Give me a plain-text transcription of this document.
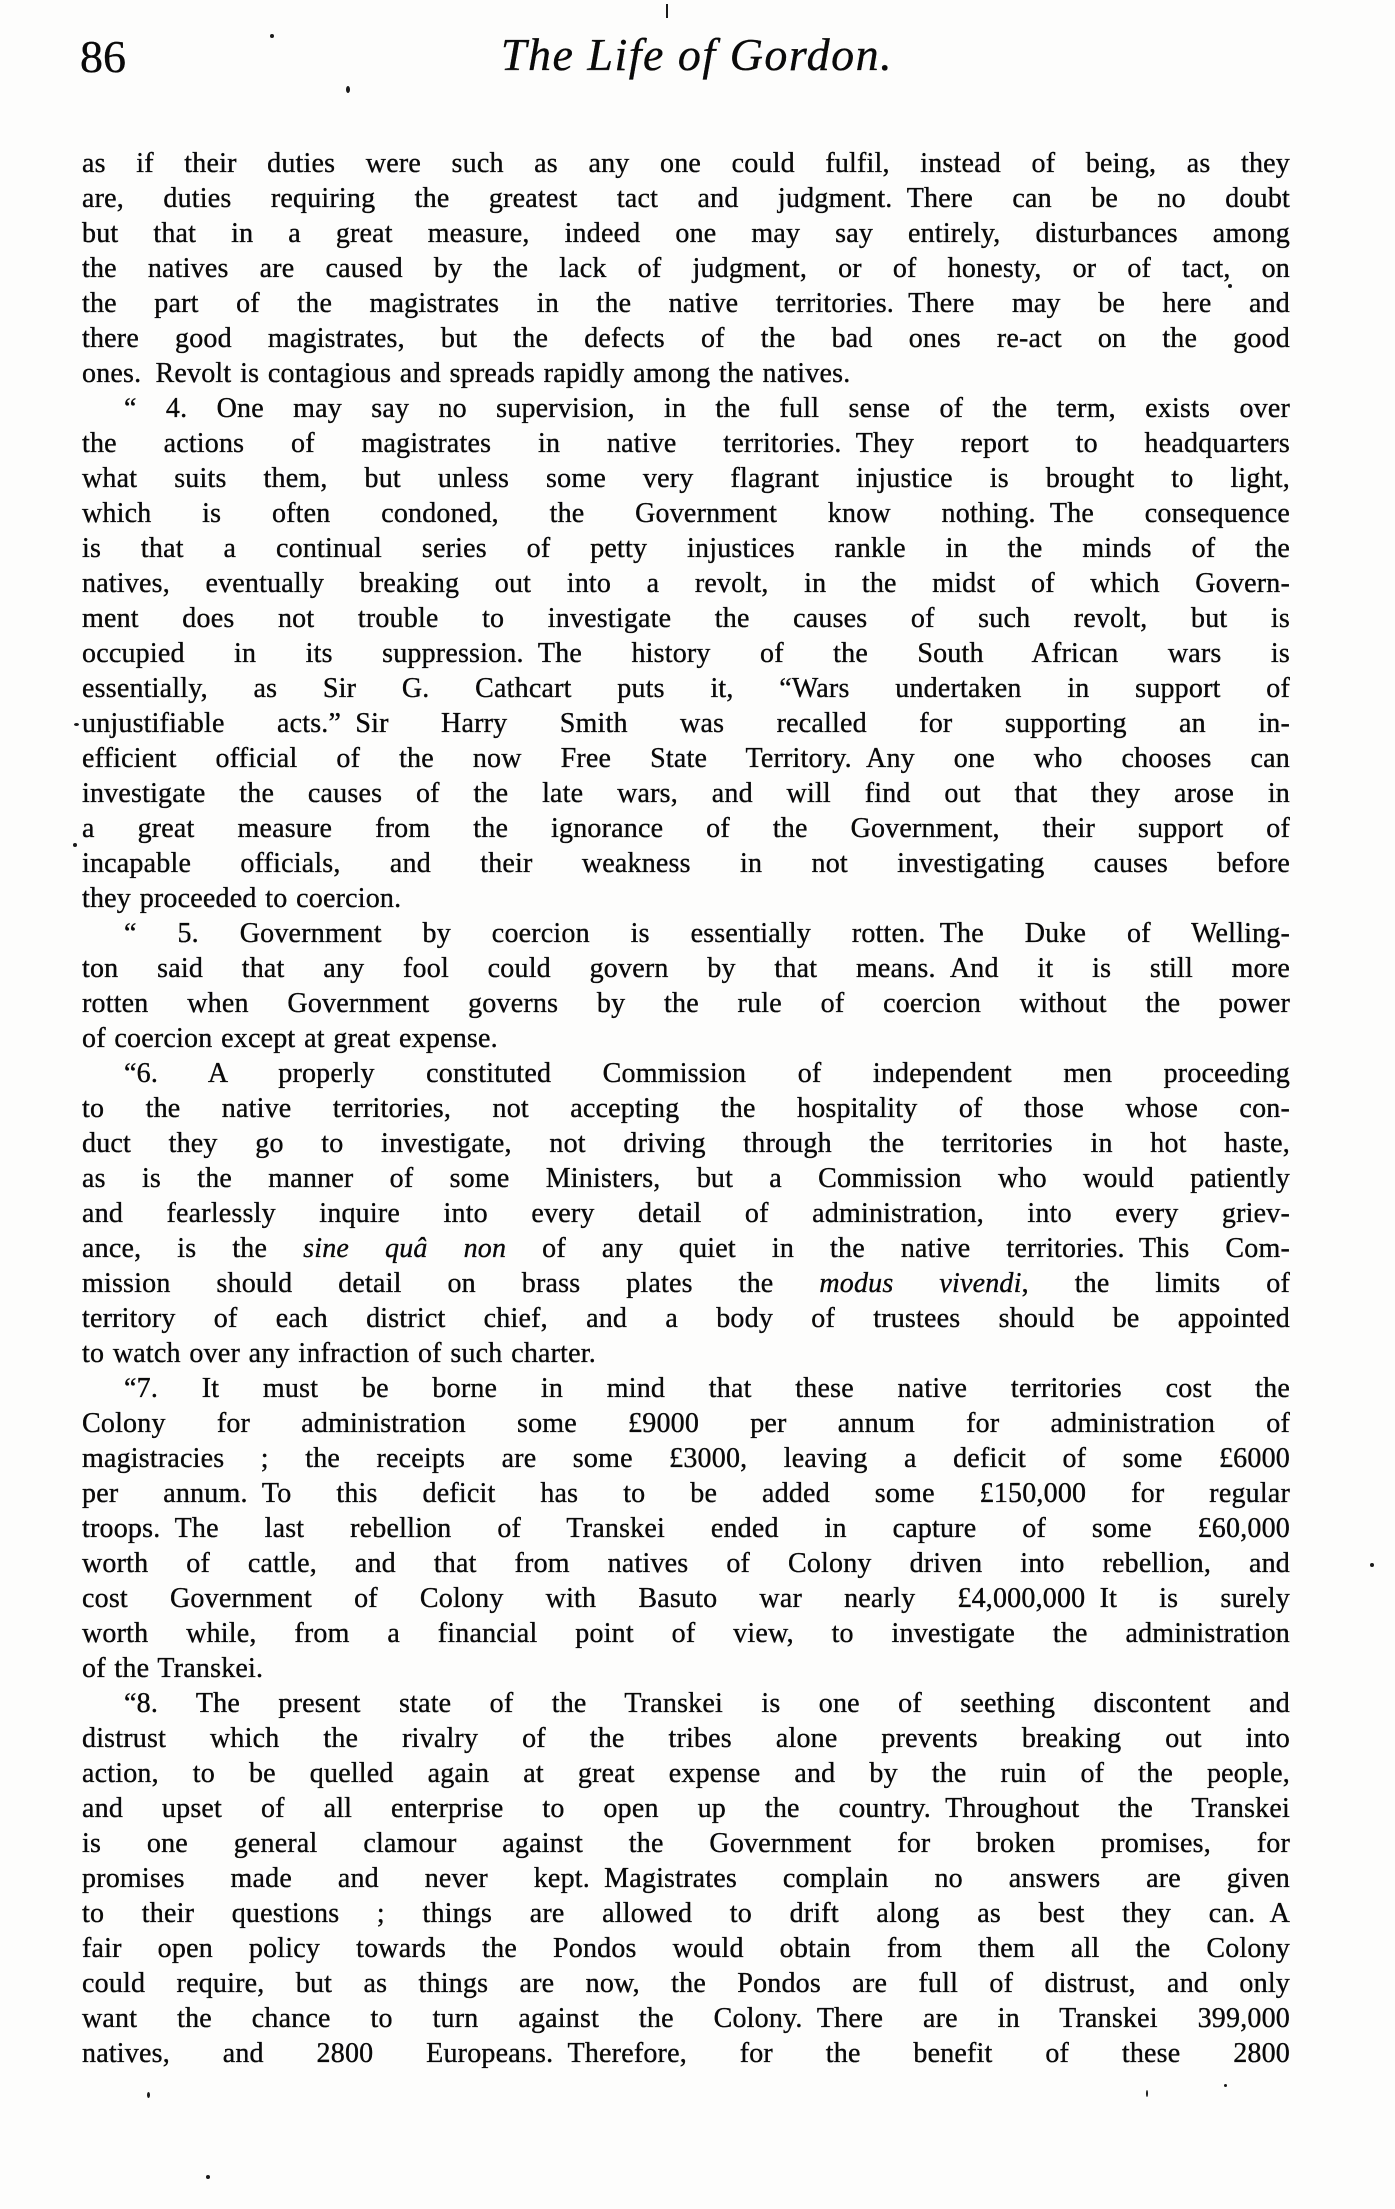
86	The Life of Gordon.
as if their duties were such as any one could fulfil, instead of being, as they
are, duties requiring the greatest tact and judgment. There can be no doubt
but that in a great measure, indeed one may say entirely, disturbances among
the natives are caused by the lack of judgment, or of honesty, or of tact, on
the part of the magistrates in the native territories. There may be here and
there good magistrates, but the defects of the bad ones re-act on the good
ones. Revolt is contagious and spreads rapidly among the natives.
“ 4. One may say no supervision, in the full sense of the term, exists over
the actions of magistrates in native territories. They report to headquarters
what suits them, but unless some very flagrant injustice is brought to light,
which is often condoned, the Government know nothing. The consequence
is that a continual series of petty injustices rankle in the minds of the
natives, eventually breaking out into a revolt, in the midst of which Govern-
ment does not trouble to investigate the causes of such revolt, but is
occupied in its suppression. The history of the South African wars is
essentially, as Sir G. Cathcart puts it, “Wars undertaken in support of
unjustifiable acts.” Sir Harry Smith was recalled for supporting an in-
efficient official of the now Free State Territory. Any one who chooses can
investigate the causes of the late wars, and will find out that they arose in
a great measure from the ignorance of the Government, their support of
incapable officials, and their weakness in not investigating causes before
they proceeded to coercion.
“ 5. Government by coercion is essentially rotten. The Duke of Welling-
ton said that any fool could govern by that means. And it is still more
rotten when Government governs by the rule of coercion without the power
of coercion except at great expense.
“6. A properly constituted Commission of independent men proceeding
to the native territories, not accepting the hospitality of those whose con-
duct they go to investigate, not driving through the territories in hot haste,
as is the manner of some Ministers, but a Commission who would patiently
and fearlessly inquire into every detail of administration, into every griev-
ance, is the sine quâ non of any quiet in the native territories. This Com-
mission should detail on brass plates the modus vivendi, the limits of
territory of each district chief, and a body of trustees should be appointed
to watch over any infraction of such charter.
“7. It must be borne in mind that these native territories cost the
Colony for administration some £9000 per annum for administration of
magistracies ; the receipts are some £3000, leaving a deficit of some £6000
per annum. To this deficit has to be added some £150,000 for regular
troops. The last rebellion of Transkei ended in capture of some £60,000
worth of cattle, and that from natives of Colony driven into rebellion, and
cost Government of Colony with Basuto war nearly £4,000,000 It is surely
worth while, from a financial point of view, to investigate the administration
of the Transkei.
“8. The present state of the Transkei is one of seething discontent and
distrust which the rivalry of the tribes alone prevents breaking out into
action, to be quelled again at great expense and by the ruin of the people,
and upset of all enterprise to open up the country. Throughout the Transkei
is one general clamour against the Government for broken promises, for
promises made and never kept. Magistrates complain no answers are given
to their questions ; things are allowed to drift along as best they can. A
fair open policy towards the Pondos would obtain from them all the Colony
could require, but as things are now, the Pondos are full of distrust, and only
want the chance to turn against the Colony. There are in Transkei 399,000
natives, and 2800 Europeans. Therefore, for the benefit of these 2800
